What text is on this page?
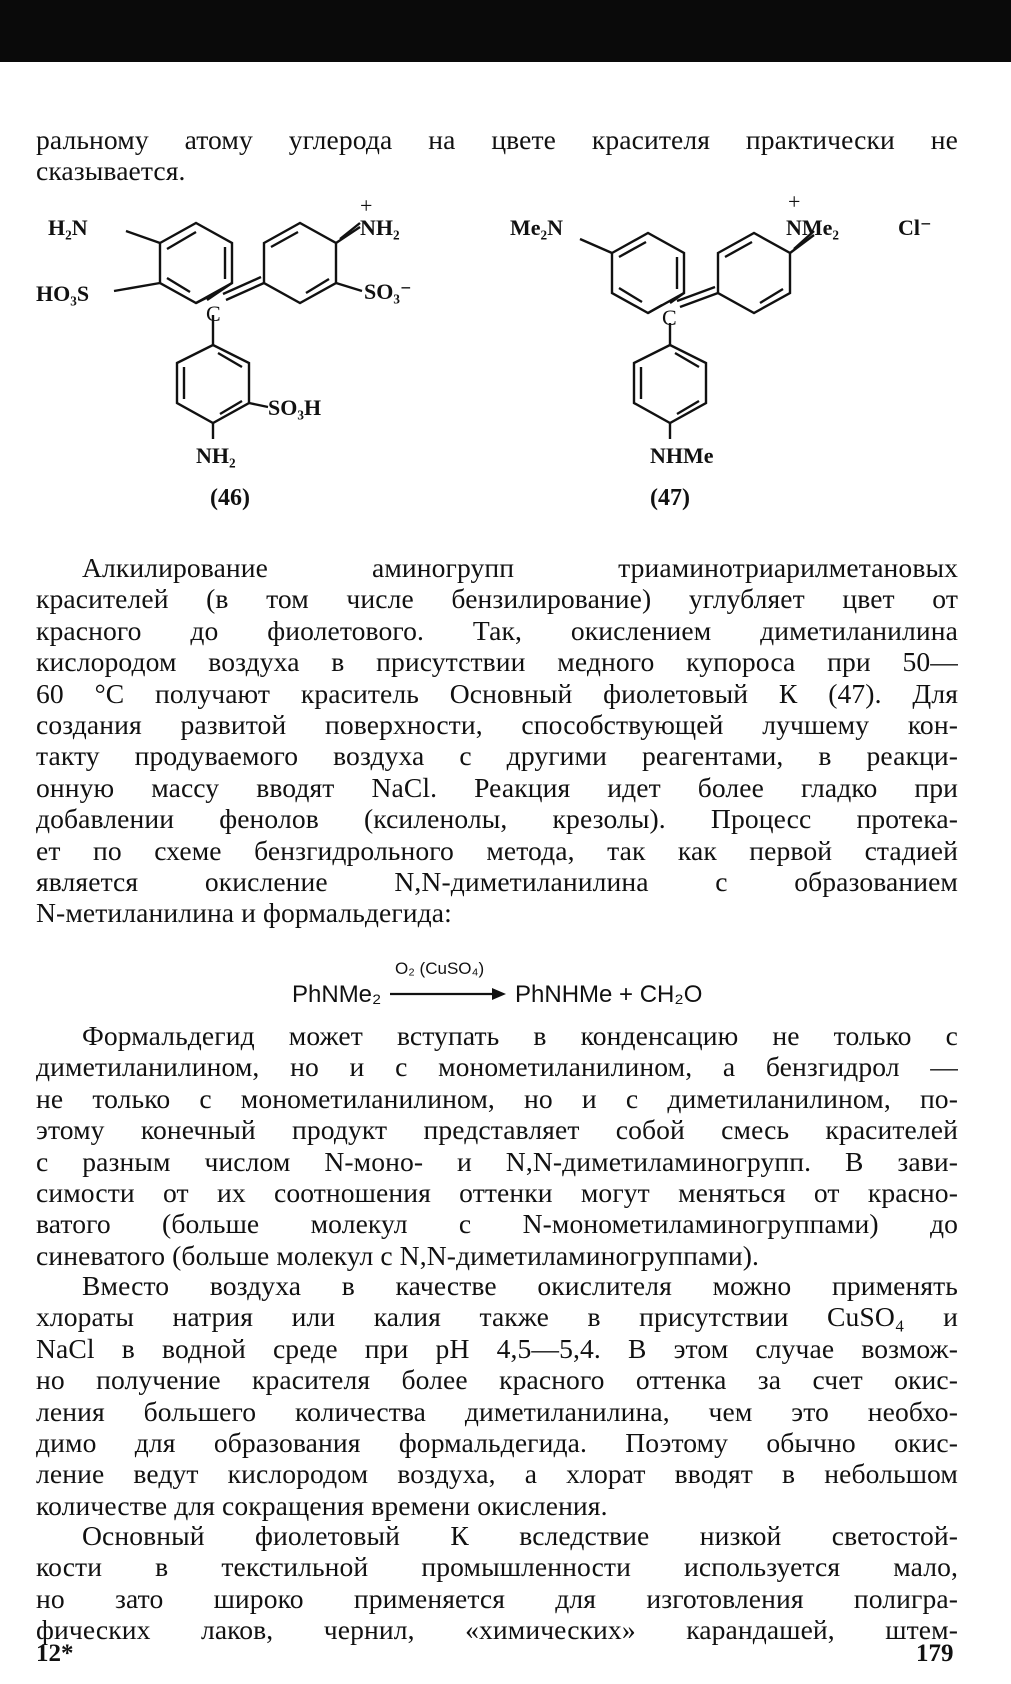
ральному атому углерода на цвете красителя практически не
сказывается.
H₂N
+
NH₂
HO₃S	SO₃⁻
C
SO₃H
NH₂
(46)
Me₂N
+
NMe₂	Cl⁻
C
NHMe
(47)
Алкилирование аминогрупп триаминотриарилметановых
красителей (в том числе бензилирование) углубляет цвет от
красного до фиолетового. Так, окислением диметиланилина
кислородом воздуха в присутствии медного купороса при 50—
60 °С получают краситель Основный фиолетовый К (47). Для
создания развитой поверхности, способствующей лучшему кон-
такту продуваемого воздуха с другими реагентами, в реакци-
онную массу вводят NaCl. Реакция идет более гладко при
добавлении фенолов (ксиленолы, крезолы). Процесс протека-
ет по схеме бензгидрольного метода, так как первой стадией
является окисление N,N-диметиланилина с образованием
N-метиланилина и формальдегида:
PhNMe₂
O₂ (CuSO₄)
PhNHMe + CH₂O
Формальдегид может вступать в конденсацию не только с
диметиланилином, но и с монометиланилином, а бензгидрол —
не только с монометиланилином, но и с диметиланилином, по-
этому конечный продукт представляет собой смесь красителей
с разным числом N-моно- и N,N-диметиламиногрупп. В зави-
симости от их соотношения оттенки могут меняться от красно-
ватого (больше молекул с N-монометиламиногруппами) до
синеватого (больше молекул с N,N-диметиламиногруппами).
Вместо воздуха в качестве окислителя можно применять
хлораты натрия или калия также в присутствии CuSO₄ и
NaCl в водной среде при pH 4,5—5,4. В этом случае возмож-
но получение красителя более красного оттенка за счет окис-
ления большего количества диметиланилина, чем это необхо-
димо для образования формальдегида. Поэтому обычно окис-
ление ведут кислородом воздуха, а хлорат вводят в небольшом
количестве для сокращения времени окисления.
Основный фиолетовый К вследствие низкой светостой-
кости в текстильной промышленности используется мало,
но зато широко применяется для изготовления полигра-
фических лаков, чернил, «химических» карандашей, штем-
12*	179
